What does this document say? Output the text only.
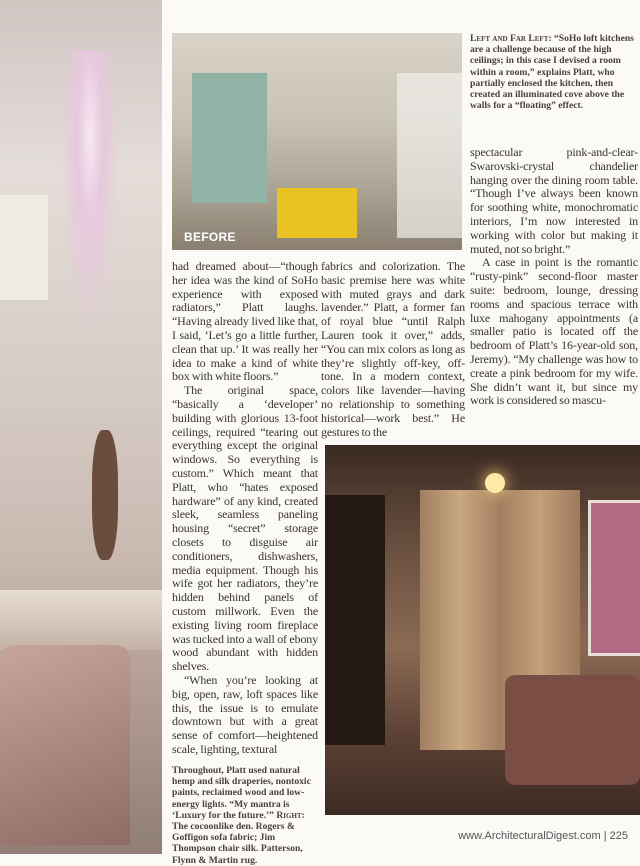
BEFORE
Left and Far Left: “SoHo loft kitchens are a challenge because of the high ceilings; in this case I devised a room within a room,” explains Platt, who partially enclosed the kitchen, then created an illuminated cove above the walls for a “floating” effect.

had dreamed about—“though her idea was the kind of SoHo experience with exposed radiators,” Platt laughs. “Having already lived like that, I said, ‘Let’s go a little further, clean that up.’ It was really her idea to make a kind of white box with white floors.”

The original space, “basically a ‘developer’ building with glorious 13-foot ceilings, required “tearing out everything except the original windows. So everything is custom.” Which meant that Platt, who “hates exposed hardware” of any kind, created sleek, seamless paneling housing “secret” storage closets to disguise air conditioners, dishwashers, media equipment. Though his wife got her radiators, they’re hidden behind panels of custom millwork. Even the existing living room fireplace was tucked into a wall of ebony wood abundant with hidden shelves.

“When you’re looking at big, open, raw, loft spaces like this, the issue is to emulate downtown but with a great sense of comfort—heightened scale, lighting, textural

fabrics and colorization. The basic premise here was white with muted grays and dark lavender.” Platt, a former fan of royal blue “until Ralph Lauren took it over,” adds, “You can mix colors as long as they’re slightly off-key, off-tone. In a modern context, colors like lavender—having no relationship to something historical—work best.” He gestures to the

spectacular pink-and-clear-Swarovski-crystal chandelier hanging over the dining room table. “Though I’ve always been known for soothing white, monochromatic interiors, I’m now interested in working with color but making it muted, not so bright.”

A case in point is the romantic “rusty-pink” second-floor master suite: bedroom, lounge, dressing rooms and spacious terrace with luxe mahogany appointments (a smaller patio is located off the bedroom of Platt’s 16-year-old son, Jeremy). “My challenge was how to create a pink bedroom for my wife. She didn’t want it, but since my work is considered so mascu-

Throughout, Platt used natural hemp and silk draperies, nontoxic paints, reclaimed wood and low-energy lights. “My mantra is ‘Luxury for the future.’” Right: The cocoonlike den. Rogers & Goffigon sofa fabric; Jim Thompson chair silk. Patterson, Flynn & Martin rug.
www.ArchitecturalDigest.com | 225
